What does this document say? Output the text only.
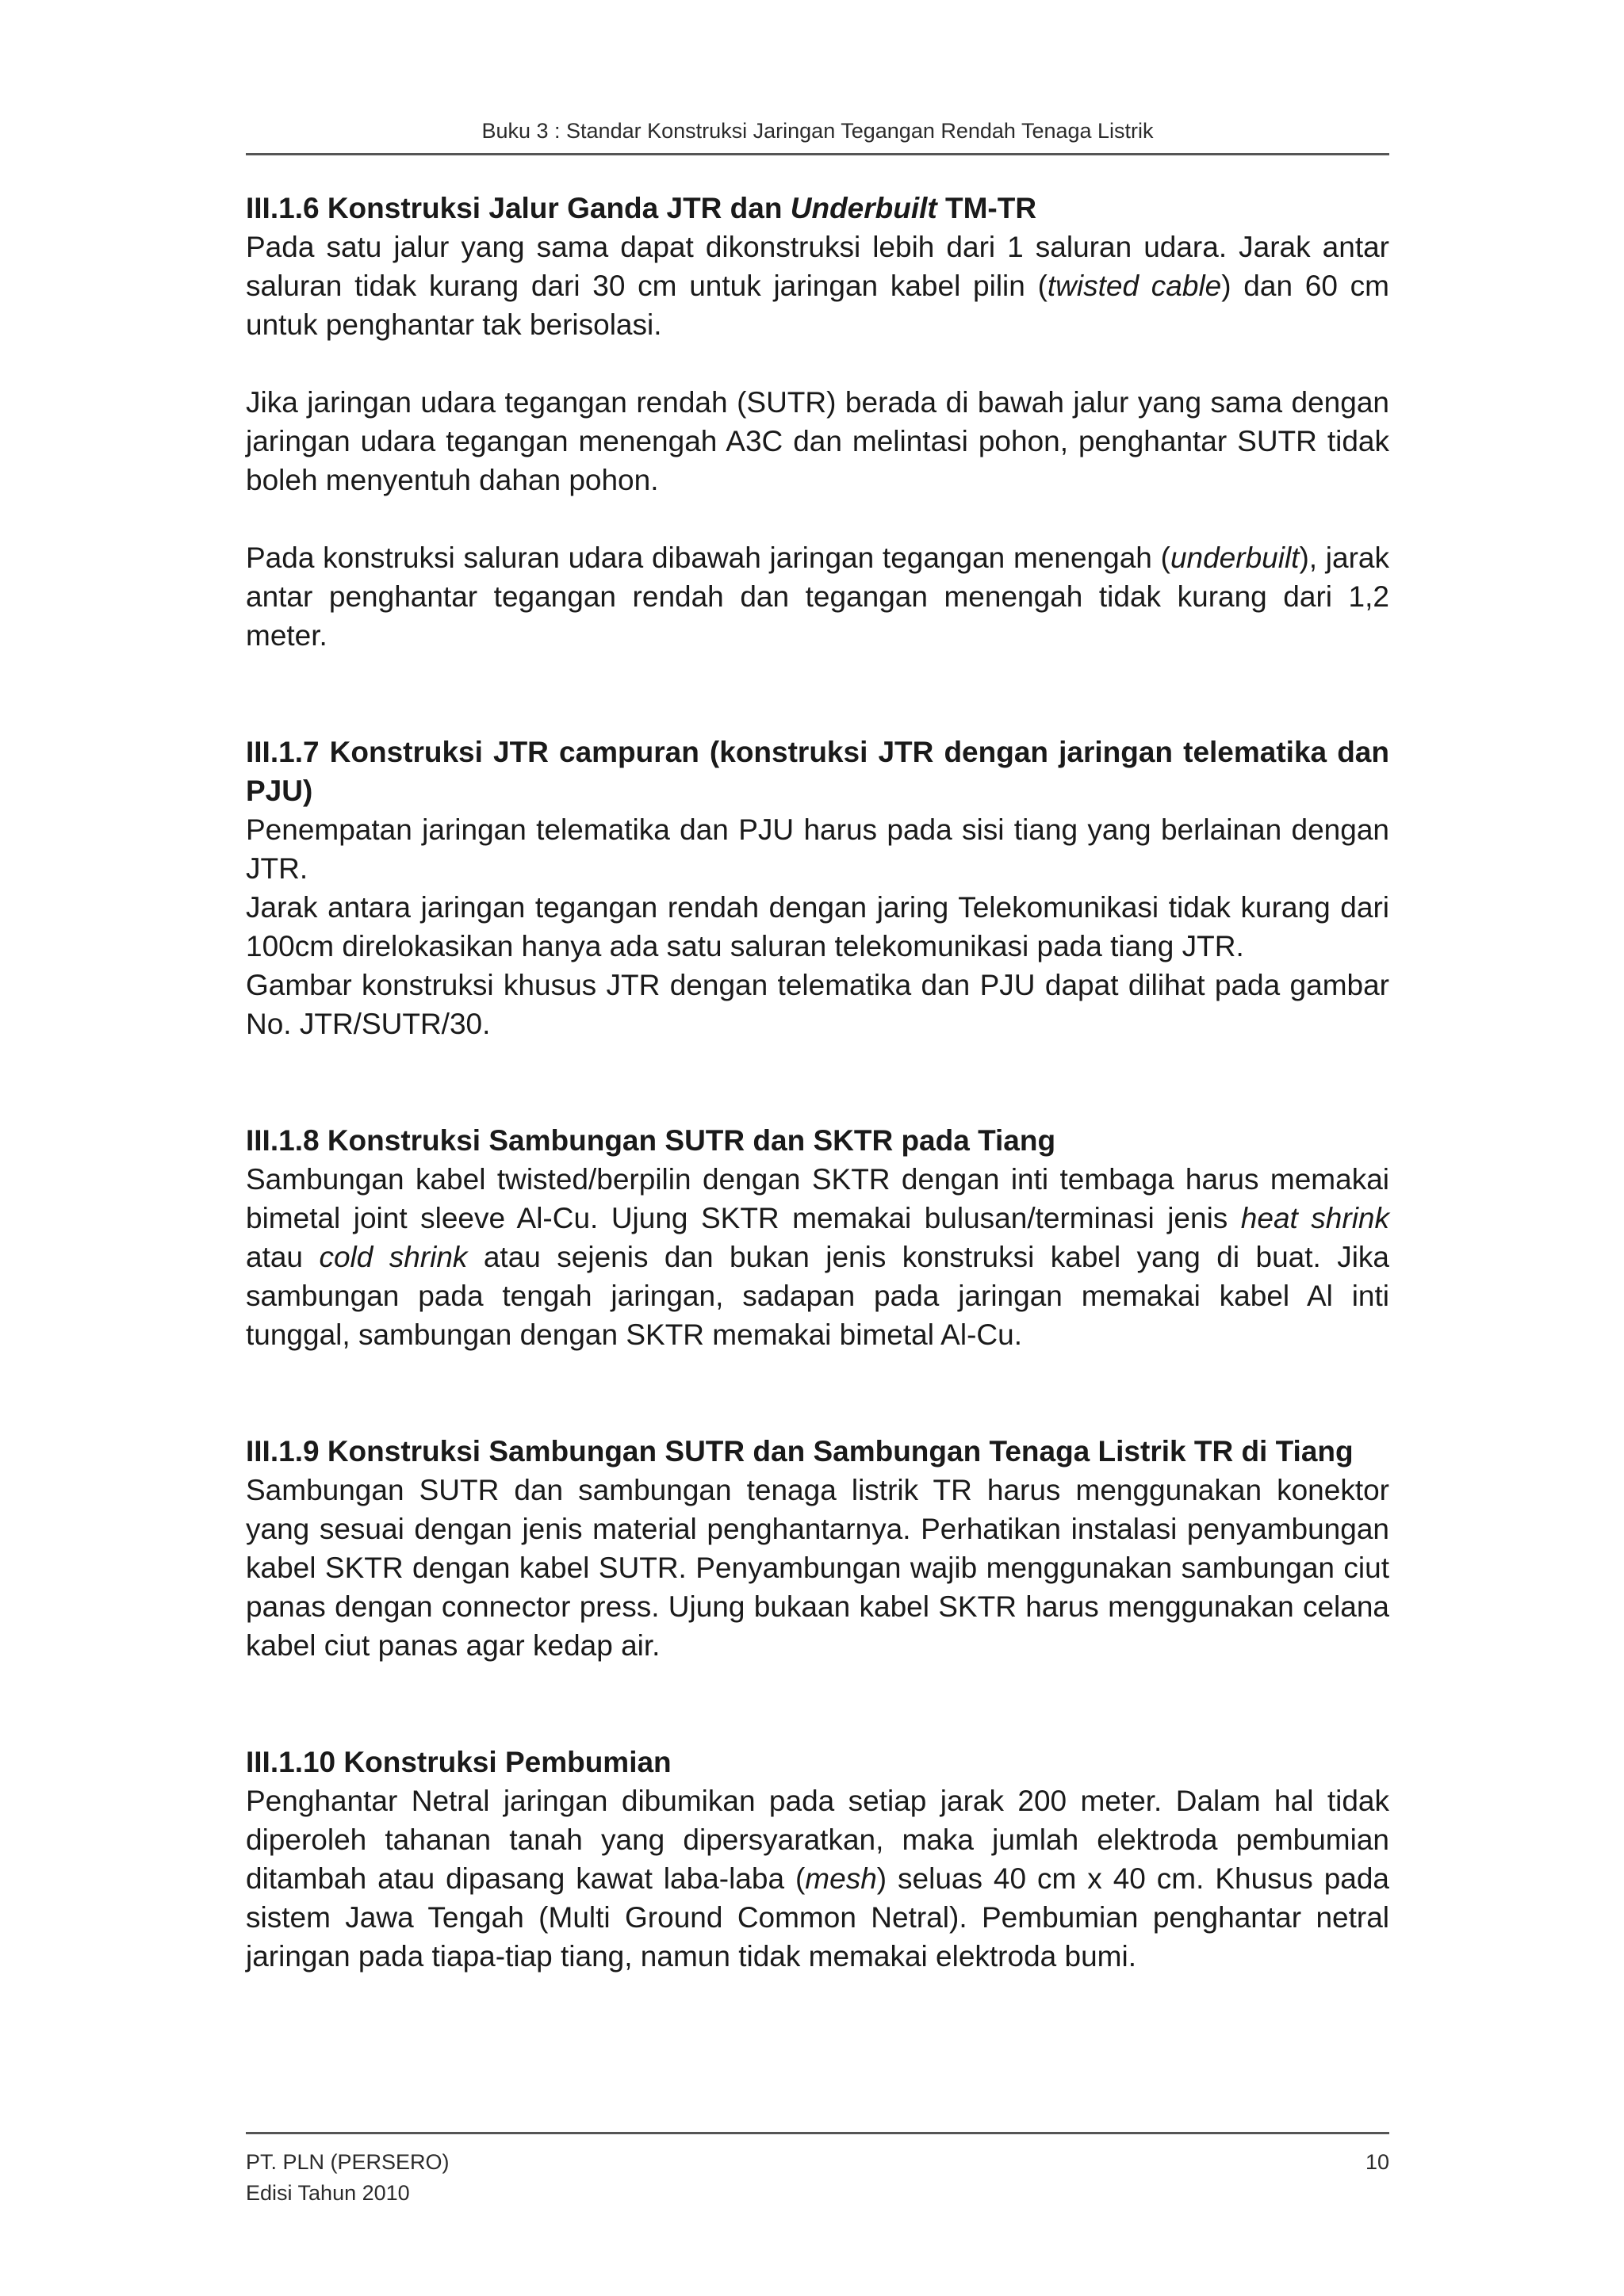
Buku 3 : Standar Konstruksi Jaringan Tegangan Rendah Tenaga Listrik
III.1.6 Konstruksi Jalur Ganda JTR dan Underbuilt TM-TR

Pada satu jalur yang sama dapat dikonstruksi lebih dari 1 saluran udara. Jarak antar saluran tidak kurang dari 30 cm untuk jaringan kabel pilin (twisted cable) dan 60 cm untuk penghantar tak berisolasi.

Jika jaringan udara tegangan rendah (SUTR) berada di bawah jalur yang sama dengan jaringan udara tegangan menengah A3C dan melintasi pohon, penghantar SUTR tidak boleh menyentuh dahan pohon.

Pada konstruksi saluran udara dibawah jaringan tegangan menengah (underbuilt), jarak antar penghantar tegangan rendah dan tegangan menengah tidak kurang dari 1,2 meter.

III.1.7 Konstruksi JTR campuran (konstruksi JTR dengan jaringan telematika dan PJU)

Penempatan jaringan telematika dan PJU harus pada sisi tiang yang berlainan dengan JTR.

Jarak antara jaringan tegangan rendah dengan jaring Telekomunikasi tidak kurang dari 100cm direlokasikan hanya ada satu saluran telekomunikasi pada tiang JTR.

Gambar konstruksi khusus JTR dengan telematika dan PJU dapat dilihat pada gambar No. JTR/SUTR/30.

III.1.8 Konstruksi Sambungan SUTR dan SKTR pada Tiang

Sambungan kabel twisted/berpilin dengan SKTR dengan inti tembaga harus memakai bimetal joint sleeve Al-Cu. Ujung SKTR memakai bulusan/terminasi jenis heat shrink atau cold shrink atau sejenis dan bukan jenis konstruksi kabel yang di buat. Jika sambungan pada tengah jaringan, sadapan pada jaringan memakai kabel Al inti tunggal, sambungan dengan SKTR memakai bimetal Al-Cu.

III.1.9 Konstruksi Sambungan SUTR dan Sambungan Tenaga Listrik TR di Tiang

Sambungan SUTR dan sambungan tenaga listrik TR harus menggunakan konektor yang sesuai dengan jenis material penghantarnya. Perhatikan instalasi penyambungan kabel SKTR dengan kabel SUTR. Penyambungan wajib menggunakan sambungan ciut panas dengan connector press. Ujung bukaan kabel SKTR harus menggunakan celana kabel ciut panas agar kedap air.

III.1.10 Konstruksi Pembumian

Penghantar Netral jaringan dibumikan pada setiap jarak 200 meter. Dalam hal tidak diperoleh tahanan tanah yang dipersyaratkan, maka jumlah elektroda pembumian ditambah atau dipasang kawat laba-laba (mesh) seluas 40 cm x 40 cm. Khusus pada sistem Jawa Tengah (Multi Ground Common Netral). Pembumian penghantar netral jaringan pada tiapa-tiap tiang, namun tidak memakai elektroda bumi.

PT. PLN (PERSERO)
Edisi Tahun 2010
10
